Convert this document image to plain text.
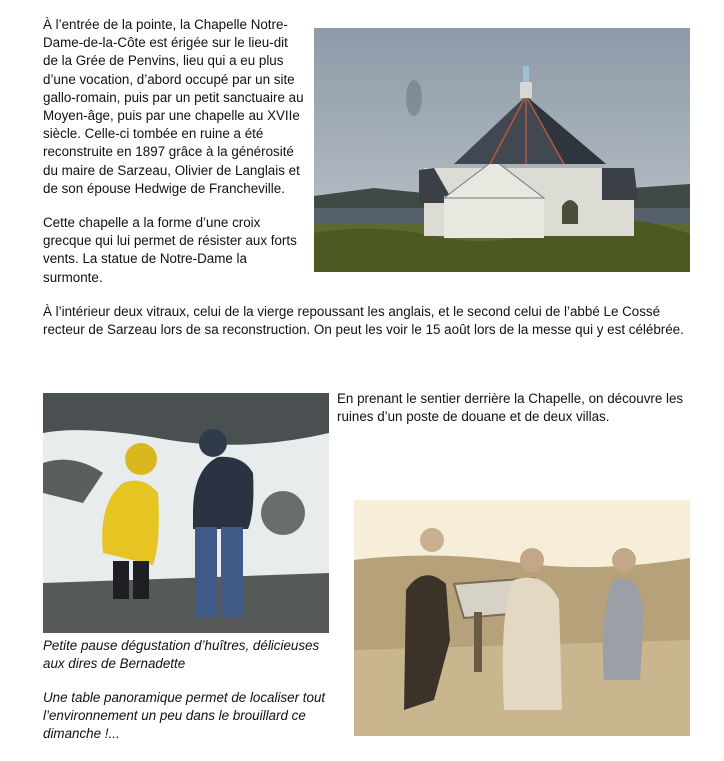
À l’entrée de la pointe, la Chapelle Notre-Dame-de-la-Côte est érigée sur le lieu-dit de la Grée de Penvins, lieu qui a eu plus d’une vocation, d’abord occupé par un site gallo-romain, puis par un petit sanctuaire au Moyen-âge, puis par une chapelle au XVIIe siècle. Celle-ci tombée en ruine a été reconstruite en 1897 grâce à la générosité du maire de Sarzeau, Olivier de Langlais et de son épouse Hedwige de Francheville.

Cette chapelle a la forme d’une croix grecque qui lui permet de résister aux forts vents. La statue de Notre-Dame la surmonte.

À l’intérieur deux vitraux, celui de la vierge repoussant les anglais, et le second celui de l’abbé Le Cossé recteur de Sarzeau lors de sa reconstruction. On peut les voir le 15 août lors de la messe qui y est célébrée.

En prenant le sentier derrière la Chapelle, on découvre les ruines d’un poste de douane et de deux villas.

Petite pause dégustation d’huîtres, délicieuses aux dires de Bernadette

Une table panoramique permet de localiser tout l’environnement un peu dans le brouillard ce dimanche !...
